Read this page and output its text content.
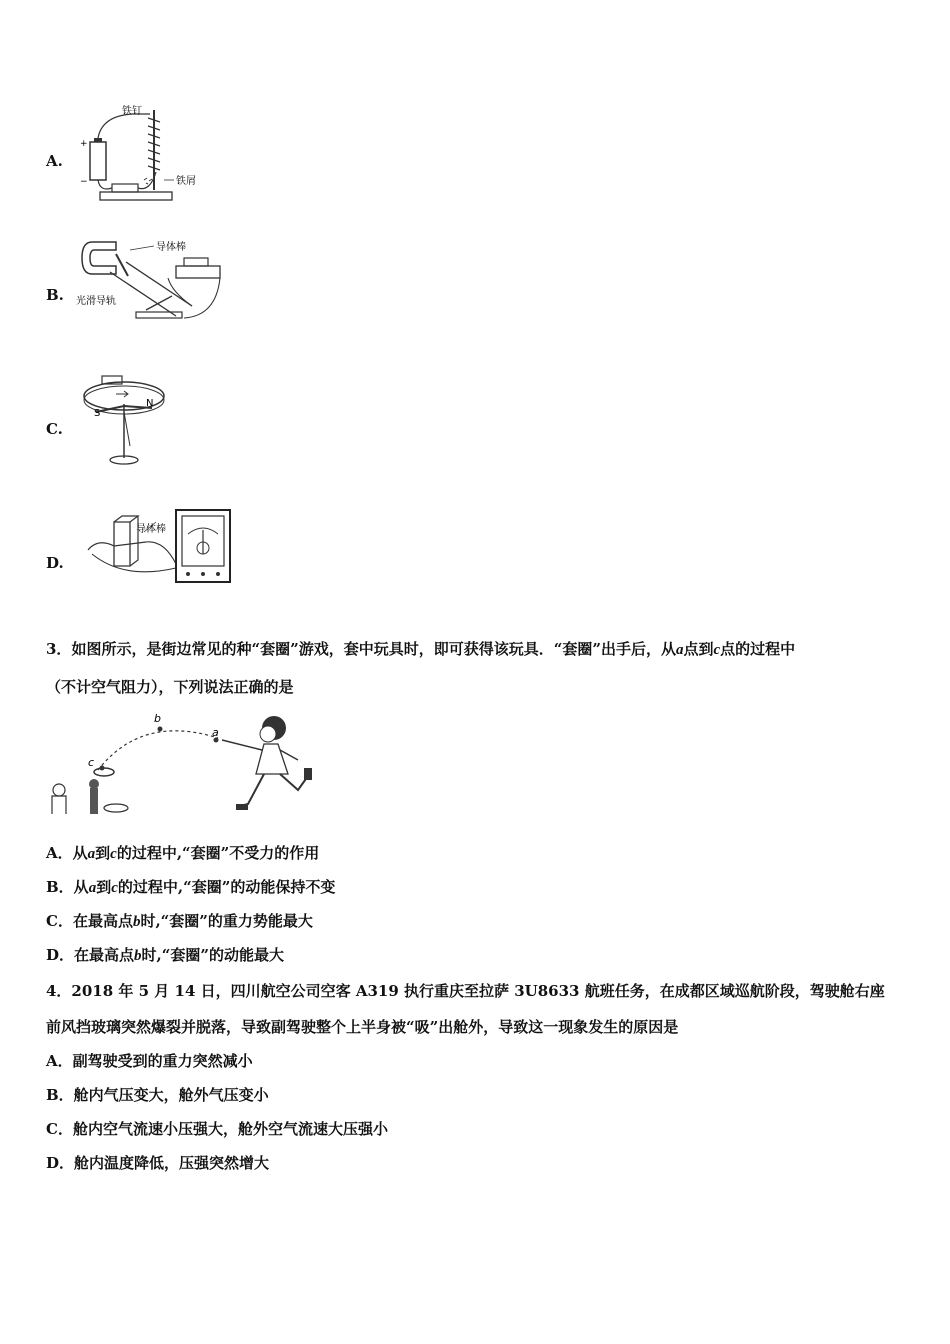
A.
+
−
铁钉
铁屑
B.
导体棒
光滑导轨
C.
S
N
D.
导体棒
3．如图所示，是街边常见的种“套圈”游戏，套中玩具时，即可获得该玩具．“套圈”出手后，从a点到c点的过程中
（不计空气阻力），下列说法正确的是
b
a
c
A．从a到c的过程中,“套圈”不受力的作用
B．从a到c的过程中,“套圈”的动能保持不变
C．在最高点b时,“套圈”的重力势能最大
D．在最高点b时,“套圈”的动能最大
4．2018 年 5 月 14 日，四川航空公司空客 A319 执行重庆至拉萨 3U8633 航班任务，在成都区域巡航阶段，驾驶舱右座
前风挡玻璃突然爆裂并脱落，导致副驾驶整个上半身被“吸”出舱外，导致这一现象发生的原因是
A．副驾驶受到的重力突然减小
B．舱内气压变大，舱外气压变小
C．舱内空气流速小压强大，舱外空气流速大压强小
D．舱内温度降低，压强突然增大
